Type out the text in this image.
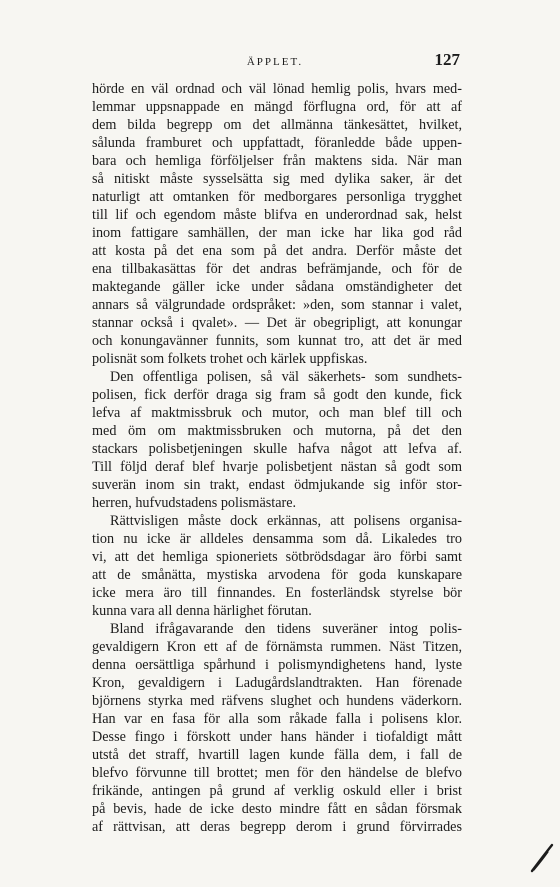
ÄPPLET.	127
hörde en väl ordnad och väl lönad hemlig polis, hvars med-
lemmar uppsnappade en mängd förflugna ord, för att af
dem bilda begrepp om det allmänna tänkesättet, hvilket,
sålunda framburet och uppfattadt, föranledde både uppen-
bara och hemliga förföljelser från maktens sida. När man
så nitiskt måste sysselsätta sig med dylika saker, är det
naturligt att omtanken för medborgares personliga trygghet
till lif och egendom måste blifva en underordnad sak, helst
inom fattigare samhällen, der man icke har lika god råd
att kosta på det ena som på det andra. Derför måste det
ena tillbakasättas för det andras befrämjande, och för de
maktegande gäller icke under sådana omständigheter det
annars så välgrundade ordspråket: »den, som stannar i valet,
stannar också i qvalet». — Det är obegripligt, att konungar
och konungavänner funnits, som kunnat tro, att det är med
polisnät som folkets trohet och kärlek uppfiskas.
Den offentliga polisen, så väl säkerhets- som sundhets-
polisen, fick derför draga sig fram så godt den kunde, fick
lefva af maktmissbruk och mutor, och man blef till och
med öm om maktmissbruken och mutorna, på det den
stackars polisbetjeningen skulle hafva något att lefva af.
Till följd deraf blef hvarje polisbetjent nästan så godt som
suverän inom sin trakt, endast ödmjukande sig inför stor-
herren, hufvudstadens polismästare.
Rättvisligen måste dock erkännas, att polisens organisa-
tion nu icke är alldeles densamma som då. Likaledes tro
vi, att det hemliga spioneriets sötbrödsdagar äro förbi samt
att de smånätta, mystiska arvodena för goda kunskapare
icke mera äro till finnandes. En fosterländsk styrelse bör
kunna vara all denna härlighet förutan.
Bland ifrågavarande den tidens suveräner intog polis-
gevaldigern Kron ett af de förnämsta rummen. Näst Titzen,
denna oersättliga spårhund i polismyndighetens hand, lyste
Kron, gevaldigern i Ladugårdslandtrakten. Han förenade
björnens styrka med räfvens slughet och hundens väderkorn.
Han var en fasa för alla som råkade falla i polisens klor.
Desse fingo i förskott under hans händer i tiofaldigt mått
utstå det straff, hvartill lagen kunde fälla dem, i fall de
blefvo förvunne till brottet; men för den händelse de blefvo
frikände, antingen på grund af verklig oskuld eller i brist
på bevis, hade de icke desto mindre fått en sådan försmak
af rättvisan, att deras begrepp derom i grund förvirrades
